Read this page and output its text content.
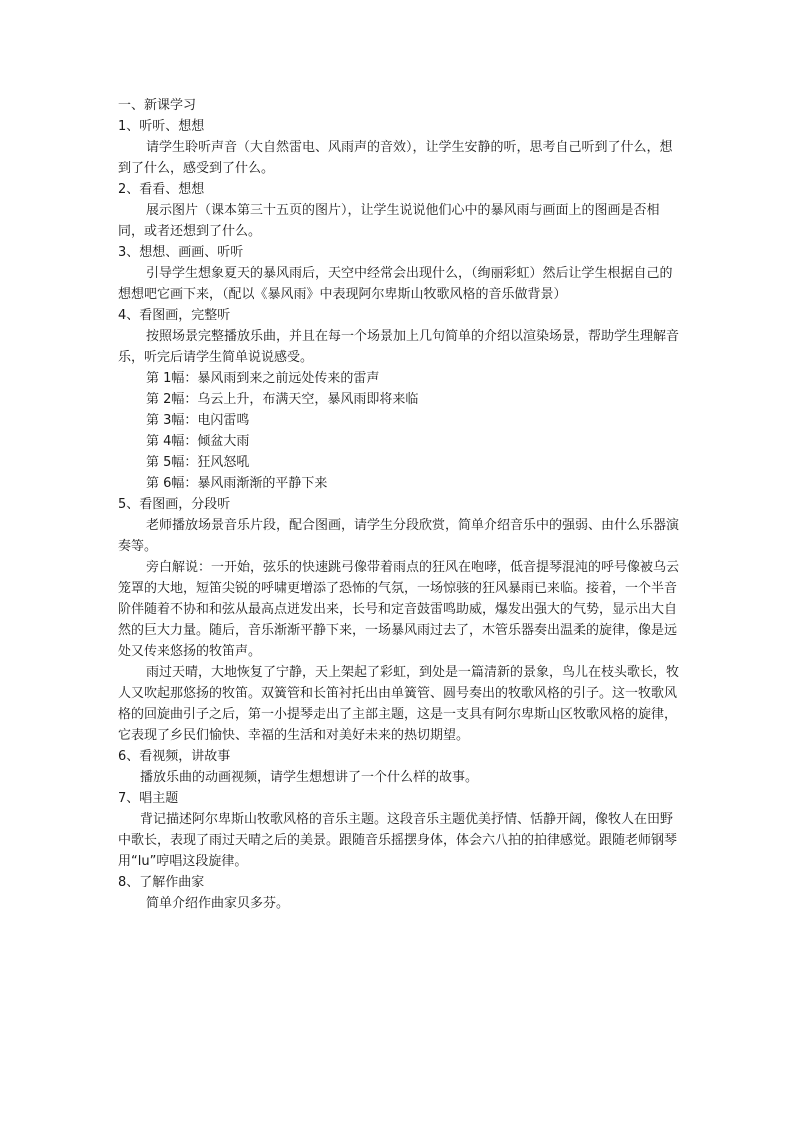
一、新课学习

1、听听、想想

请学生聆听声音（大自然雷电、风雨声的音效），让学生安静的听，思考自己听到了什么，想到了什么，感受到了什么。

2、看看、想想

展示图片（课本第三十五页的图片），让学生说说他们心中的暴风雨与画面上的图画是否相同，或者还想到了什么。

3、想想、画画、听听

引导学生想象夏天的暴风雨后，天空中经常会出现什么，（绚丽彩虹）然后让学生根据自己的想想吧它画下来，（配以《暴风雨》中表现阿尔卑斯山牧歌风格的音乐做背景）

4、看图画，完整听

按照场景完整播放乐曲，并且在每一个场景加上几句简单的介绍以渲染场景，帮助学生理解音乐，听完后请学生简单说说感受。

第 1幅：暴风雨到来之前远处传来的雷声

第 2幅：乌云上升，布满天空，暴风雨即将来临

第 3幅：电闪雷鸣

第 4幅：倾盆大雨

第 5幅：狂风怒吼

第 6幅：暴风雨渐渐的平静下来

5、看图画，分段听

老师播放场景音乐片段，配合图画，请学生分段欣赏，简单介绍音乐中的强弱、由什么乐器演奏等。

旁白解说：一开始，弦乐的快速跳弓像带着雨点的狂风在咆哮，低音提琴混沌的呼号像被乌云笼罩的大地，短笛尖锐的呼啸更增添了恐怖的气氛，一场惊骇的狂风暴雨已来临。接着，一个半音阶伴随着不协和和弦从最高点迸发出来，长号和定音鼓雷鸣助威，爆发出强大的气势，显示出大自然的巨大力量。随后，音乐渐渐平静下来，一场暴风雨过去了，木管乐器奏出温柔的旋律，像是远处又传来悠扬的牧笛声。

雨过天晴，大地恢复了宁静，天上架起了彩虹，到处是一篇清新的景象，鸟儿在枝头歌长，牧人又吹起那悠扬的牧笛。双簧管和长笛衬托出由单簧管、圆号奏出的牧歌风格的引子。这一牧歌风格的回旋曲引子之后，第一小提琴走出了主部主题，这是一支具有阿尔卑斯山区牧歌风格的旋律，它表现了乡民们愉快、幸福的生活和对美好未来的热切期望。

6、看视频，讲故事

播放乐曲的动画视频，请学生想想讲了一个什么样的故事。

7、唱主题

背记描述阿尔卑斯山牧歌风格的音乐主题。这段音乐主题优美抒情、恬静开阔，像牧人在田野中歌长，表现了雨过天晴之后的美景。跟随音乐摇摆身体，体会六八拍的拍律感觉。跟随老师钢琴用“lu”哼唱这段旋律。

8、了解作曲家

简单介绍作曲家贝多芬。
